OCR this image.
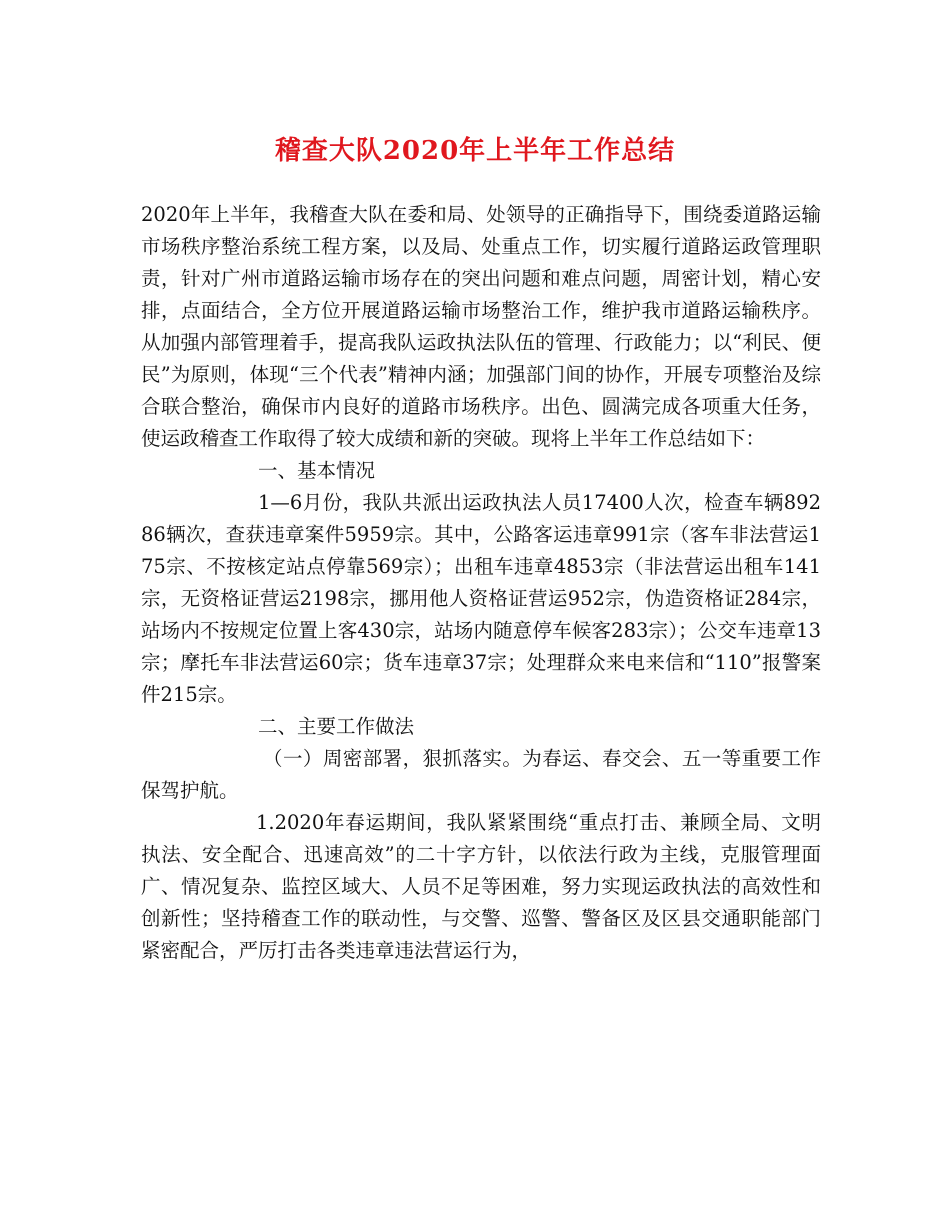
稽查大队2020年上半年工作总结

2020年上半年，我稽查大队在委和局、处领导的正确指导下，围绕委道路运输市场秩序整治系统工程方案，以及局、处重点工作，切实履行道路运政管理职责，针对广州市道路运输市场存在的突出问题和难点问题，周密计划，精心安排，点面结合，全方位开展道路运输市场整治工作，维护我市道路运输秩序。从加强内部管理着手，提高我队运政执法队伍的管理、行政能力；以“利民、便民”为原则，体现“三个代表”精神内涵；加强部门间的协作，开展专项整治及综合联合整治，确保市内良好的道路市场秩序。出色、圆满完成各项重大任务，使运政稽查工作取得了较大成绩和新的突破。现将上半年工作总结如下：

一、基本情况

1—6月份，我队共派出运政执法人员17400人次，检查车辆89286辆次，查获违章案件5959宗。其中，公路客运违章991宗（客车非法营运175宗、不按核定站点停靠569宗）；出租车违章4853宗（非法营运出租车141宗，无资格证营运2198宗，挪用他人资格证营运952宗，伪造资格证284宗，站场内不按规定位置上客430宗，站场内随意停车候客283宗）；公交车违章13宗；摩托车非法营运60宗；货车违章37宗；处理群众来电来信和“110”报警案件215宗。

二、主要工作做法

（一）周密部署，狠抓落实。为春运、春交会、五一等重要工作保驾护航。

1.2020年春运期间，我队紧紧围绕“重点打击、兼顾全局、文明执法、安全配合、迅速高效”的二十字方针，以依法行政为主线，克服管理面广、情况复杂、监控区域大、人员不足等困难，努力实现运政执法的高效性和创新性；坚持稽查工作的联动性，与交警、巡警、警备区及区县交通职能部门紧密配合，严厉打击各类违章违法营运行为，
